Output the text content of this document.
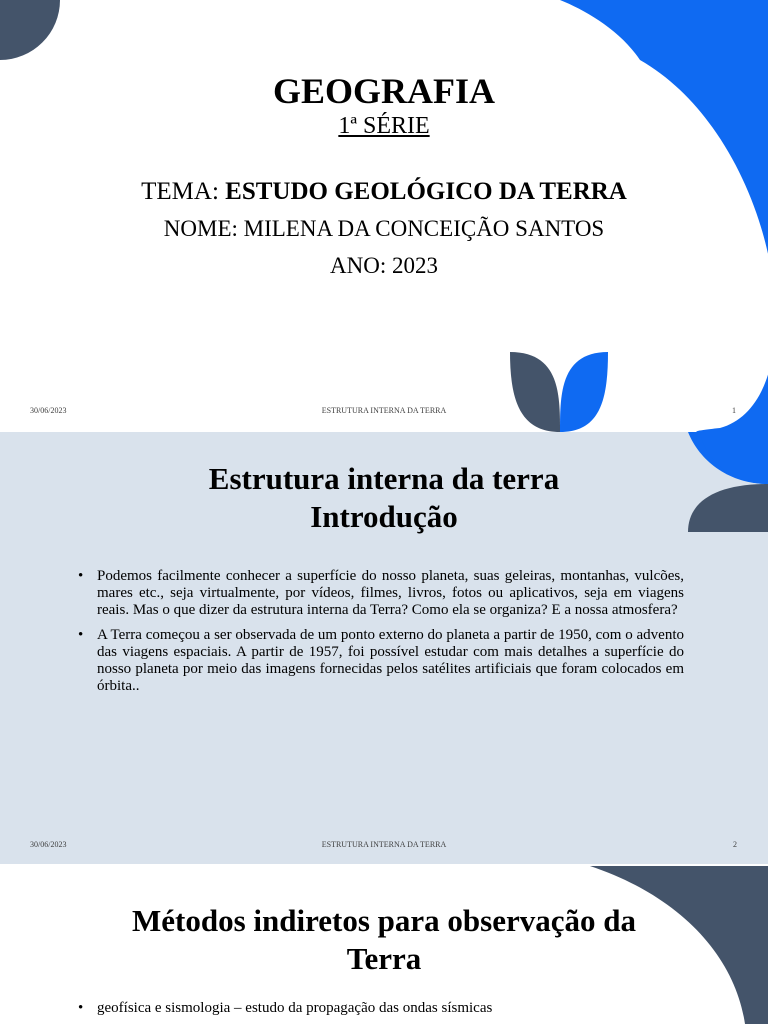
GEOGRAFIA
1ª SÉRIE
TEMA: ESTUDO GEOLÓGICO DA TERRA
NOME: MILENA DA CONCEIÇÃO SANTOS
ANO: 2023
30/06/2023	ESTRUTURA INTERNA DA TERRA	1
Estrutura interna da terra
Introdução
• Podemos facilmente conhecer a superfície do nosso planeta, suas geleiras, montanhas, vulcões, mares etc., seja virtualmente, por vídeos, filmes, livros, fotos ou aplicativos, seja em viagens reais. Mas o que dizer da estrutura interna da Terra? Como ela se organiza? E a nossa atmosfera?
• A Terra começou a ser observada de um ponto externo do planeta a partir de 1950, com o advento das viagens espaciais. A partir de 1957, foi possível estudar com mais detalhes a superfície do nosso planeta por meio das imagens fornecidas pelos satélites artificiais que foram colocados em órbita..
30/06/2023	ESTRUTURA INTERNA DA TERRA	2
Métodos indiretos para observação da
Terra
• geofísica e sismologia – estudo da propagação das ondas sísmicas
